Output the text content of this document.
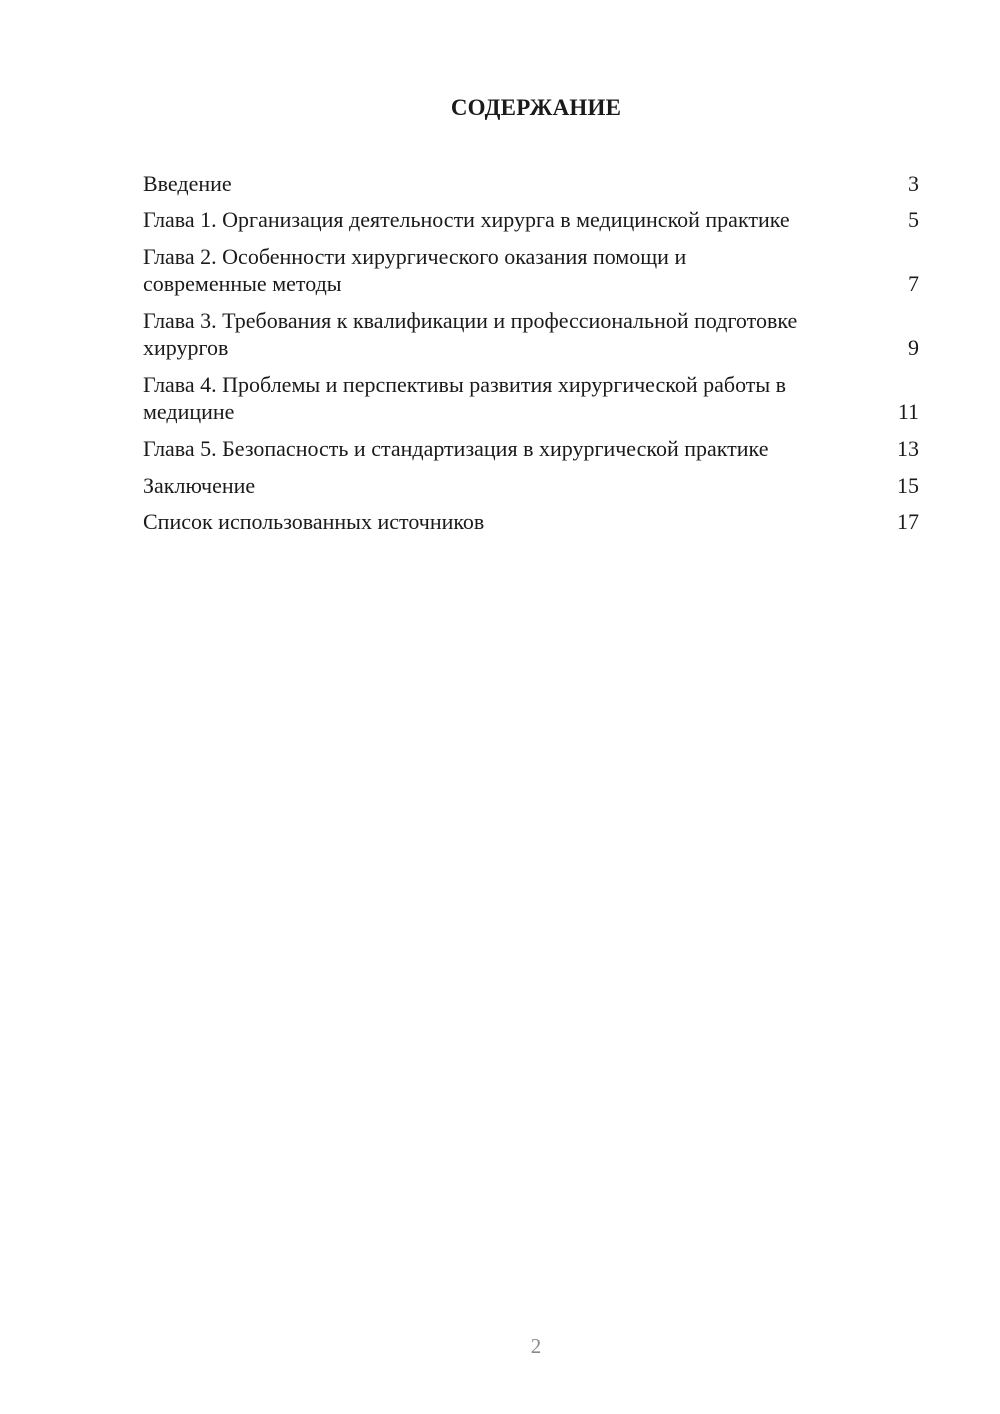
СОДЕРЖАНИЕ
Введение	3
Глава 1. Организация деятельности хирурга в медицинской практике	5
Глава 2. Особенности хирургического оказания помощи и современные методы	7
Глава 3. Требования к квалификации и профессиональной подготовке хирургов	9
Глава 4. Проблемы и перспективы развития хирургической работы в медицине	11
Глава 5. Безопасность и стандартизация в хирургической практике	13
Заключение	15
Список использованных источников	17
2
